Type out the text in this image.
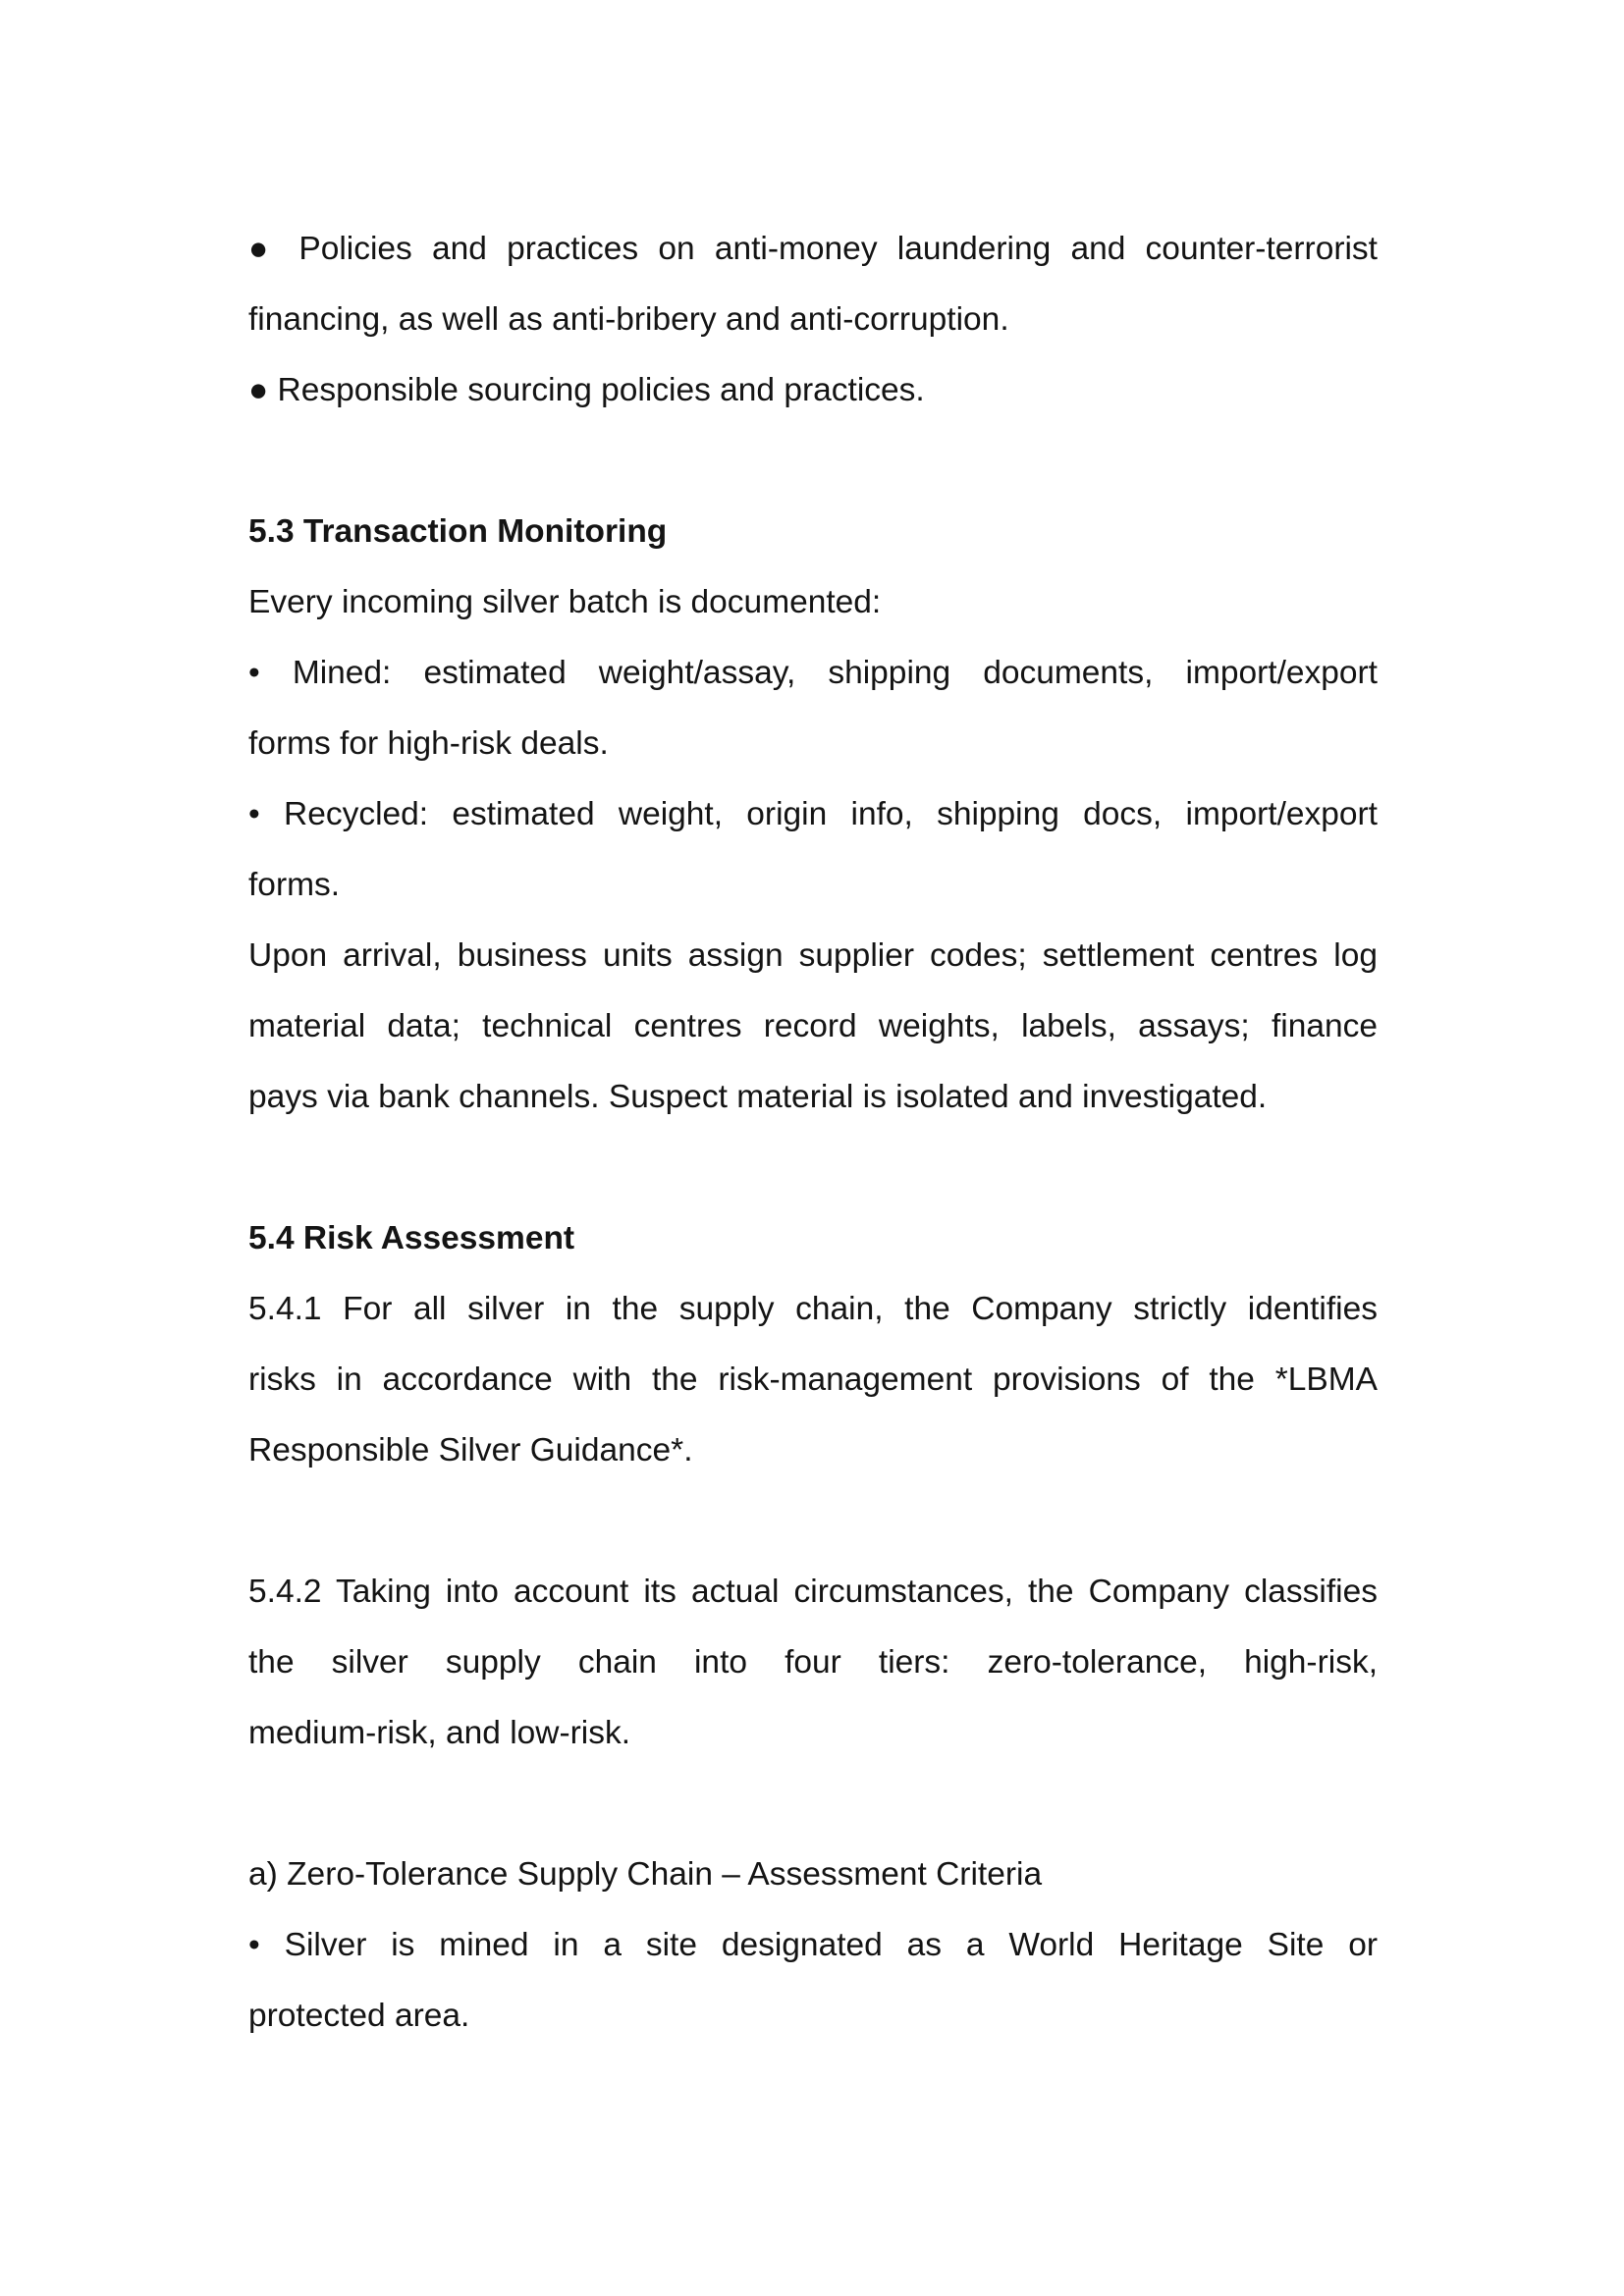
● Policies and practices on anti-money laundering and counter-terrorist
financing, as well as anti-bribery and anti-corruption.
● Responsible sourcing policies and practices.
5.3 Transaction Monitoring
Every incoming silver batch is documented:
• Mined: estimated weight/assay, shipping documents, import/export
forms for high-risk deals.
• Recycled: estimated weight, origin info, shipping docs, import/export
forms.
Upon arrival, business units assign supplier codes; settlement centres log
material data; technical centres record weights, labels, assays; finance
pays via bank channels. Suspect material is isolated and investigated.
5.4 Risk Assessment
5.4.1 For all silver in the supply chain, the Company strictly identifies
risks in accordance with the risk-management provisions of the *LBMA
Responsible Silver Guidance*.
5.4.2 Taking into account its actual circumstances, the Company classifies
the silver supply chain into four tiers: zero-tolerance, high-risk,
medium-risk, and low-risk.
a) Zero-Tolerance Supply Chain – Assessment Criteria
• Silver is mined in a site designated as a World Heritage Site or
protected area.
